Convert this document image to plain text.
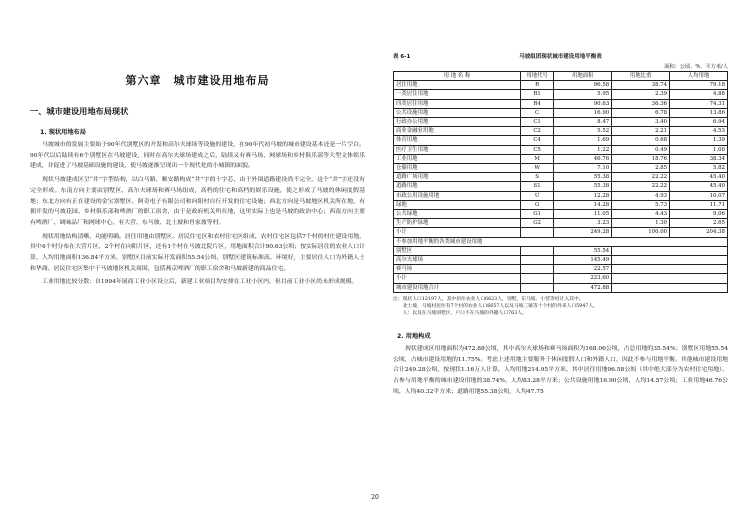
第六章　城市建设用地布局
一、城市建设用地布局现状
1. 现状用地布局

马坡城市的发展主要始于90年代别墅区的开发和高尔夫球场等设施的建设，在90年代初马坡的城市建设基本还是一片空白。90年代以后陆续有6个别墅区在马坡建设，同时在高尔夫球场建成之后，陆续又有赛马场、网球场和乡村俱乐部等大型文体娱乐建成，并促进了马坡基础设施的建设，使马坡逐渐呈现出一个现代化的小城镇的面貌。

现状马坡建成区呈“井”字型结构，以白马路、顺安路构成“井”字的十字芯，由于外围道路建设尚不完全，这个“井”字还没有完全形成。东南方向主要由别墅区、高尔夫球场和赛马场组成，高档的住宅和高档的娱乐设施，使之形成了马坡的休闲度假基地；东北方向有正在建设的金宝别墅区、阿奇电子有限公司和向阳村自行开发的住宅设施；西北方向是马坡地区机关所在地，有拥开发的马坡花园、乡村俱乐部和啤酒厂的职工宿舍，由于是政府机关所在地，这里实际上也是马坡的政治中心；西南方向主要有啤酒厂、调味品厂和网球中心，有大营、东马坡、北土坡和肖家坡等村。

现状用地结构清晰，功能明确。居住用地由别墅区、居民住宅区和农村住宅区组成，农村住宅区包括7个村的村庄建设用地，其中4个村分布在大营片区，2个村在向阳片区，还有1个村在马坡北院片区，用地面积合计90.63公顷；按实际居住的农业人口计算，人均用地面积136.84平方米，别墅区目前实际开发面积55.54公顷，别墅区建筑标准高、环境好，主要居住人口为外籍人士和华裔。居民住宅区集中于马坡地区机关周围，包括燕京啤酒厂的职工宿舍和马坡新建的商品住宅。

工业用地比较分散：自1994年展商工业小区设立后，新建工业项目均安排在工业小区内，但目前工业小区尚未形成规模。

表 6-1	马坡组团现状城市建设用地平衡表
面积：公顷、%、平方米/人
用 地 名 称	用地代号	用地面积	用地比重	人均用地
居住用地	R	96.58	38.74	79.18
一类居住用地	R1	5.95	2.39	4.88
四类居住用地	R4	90.63	36.36	74.31
公共设施用地	C	16.90	6.78	13.86
行政办公用地	C1	8.47	3.40	6.94
商业金融业用地	C2	5.52	2.21	4.53
体育用地	C4	1.69	0.68	1.39
医疗卫生用地	C5	1.22	0.49	1.00
工业用地	M	46.76	18.76	38.34
仓储用地	W	7.10	2.85	5.82
道路广场用地	S	55.38	22.22	45.40
道路用地	S1	55.38	22.22	45.40
市政公用设施用地	U	12.28	4.93	10.07
绿地	G	14.28	5.73	11.71
公共绿地	G1	11.05	4.43	9.06
生产防护绿地	G2	3.23	1.30	2.65
小计		249.28	100.00	204.38
不参加用地平衡的各类城市建设用地				
别墅区		55.54		
高尔夫球场		145.49		
赛马场		22.57		
小计		223.60		
城市建设用地合计		472.88		
注：现状人口12197人，其中居住农业人口6623人，别墅、东马坡、小营等村计入其中。
　　北土坡、马坡村居住有7个村的农业人口6657人以及马坡三镇等十个村的外来人口5947人，
　　人：以及在马坡别墅区、户口不在马坡的外籍人口763人。
2. 用地构成

现状建成区用地面积为472.88公顷，其中高尔夫球场和赛马场面积为168.06公顷，占总用地的35.54%；别墅区用地55.54公顷，占城市建设用地的11.75%。考虑上述用地主要服务于休闲度假人口和外籍人口，因此不参与用地平衡。其他城市建设用地合计249.28公顷，按现状1.16万人计算，人均用地214.95平方米，其中居住用地96.58公顷（其中绝大部分为农村住宅用地），占参与用地平衡的城市建设用地的38.74%，人均83.28平方米；公共设施用地16.90公顷，人均14.57公顷；工业用地46.76公顷，人均40.32平方米；道路用地55.38公顷，人均47.75

20
